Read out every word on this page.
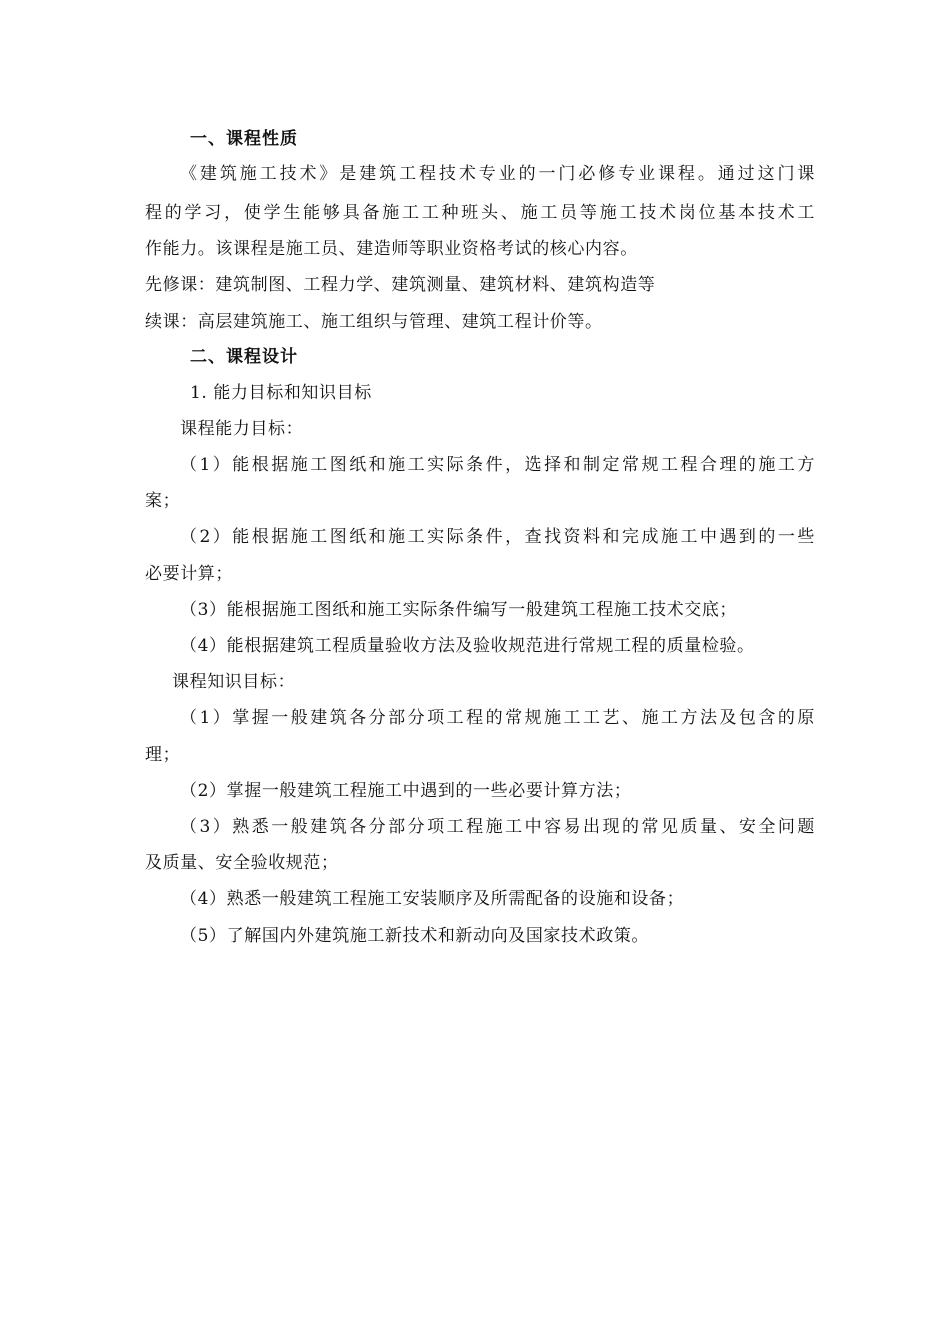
一、课程性质
《建筑施工技术》是建筑工程技术专业的一门必修专业课程。通过这门课
程的学习，使学生能够具备施工工种班头、施工员等施工技术岗位基本技术工
作能力。该课程是施工员、建造师等职业资格考试的核心内容。
先修课：建筑制图、工程力学、建筑测量、建筑材料、建筑构造等
续课：高层建筑施工、施工组织与管理、建筑工程计价等。
二、课程设计
1. 能力目标和知识目标
课程能力目标：
（1）能根据施工图纸和施工实际条件，选择和制定常规工程合理的施工方
案；
（2）能根据施工图纸和施工实际条件，查找资料和完成施工中遇到的一些
必要计算；
（3）能根据施工图纸和施工实际条件编写一般建筑工程施工技术交底；
（4）能根据建筑工程质量验收方法及验收规范进行常规工程的质量检验。
课程知识目标：
（1）掌握一般建筑各分部分项工程的常规施工工艺、施工方法及包含的原
理；
（2）掌握一般建筑工程施工中遇到的一些必要计算方法；
（3）熟悉一般建筑各分部分项工程施工中容易出现的常见质量、安全问题
及质量、安全验收规范；
（4）熟悉一般建筑工程施工安装顺序及所需配备的设施和设备；
（5）了解国内外建筑施工新技术和新动向及国家技术政策。
